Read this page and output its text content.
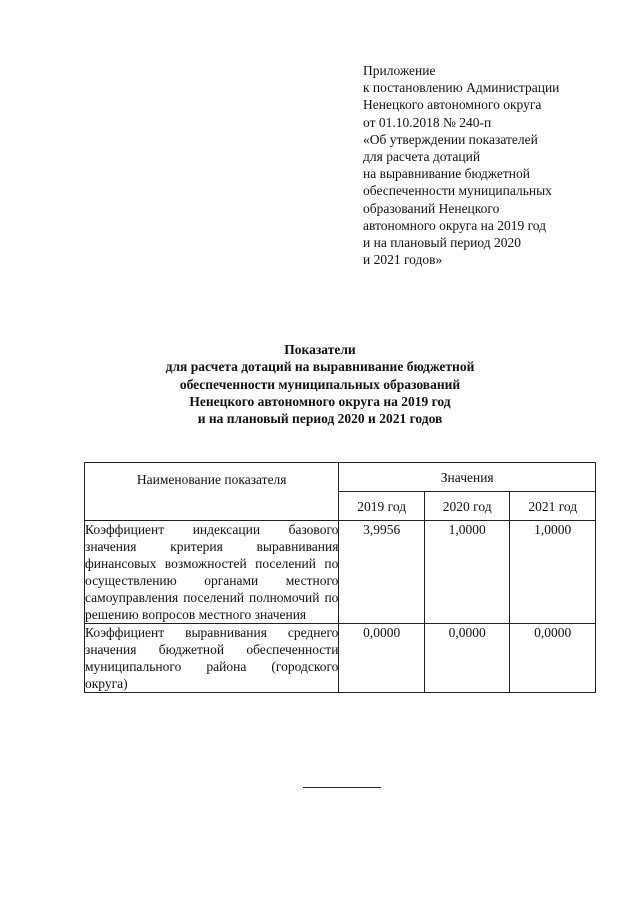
Приложение
к постановлению Администрации
Ненецкого автономного округа
от 01.10.2018 № 240-п
«Об утверждении показателей
для расчета дотаций
на выравнивание бюджетной
обеспеченности муниципальных
образований Ненецкого
автономного округа на 2019 год
и на плановый период 2020
и 2021 годов»
Показатели
для расчета дотаций на выравнивание бюджетной
обеспеченности муниципальных образований
Ненецкого автономного округа на 2019 год
и на плановый период 2020 и 2021 годов
Наименование показателя	Значения		
	2019 год	2020 год	2021 год
Коэффициент индексации базового значения критерия выравнивания финансовых возможностей поселений по осуществлению органами местного самоуправления поселений полномочий по решению вопросов местного значения	3,9956	1,0000	1,0000
Коэффициент выравнивания среднего значения бюджетной обеспеченности муниципального района (городского округа)	0,0000	0,0000	0,0000
